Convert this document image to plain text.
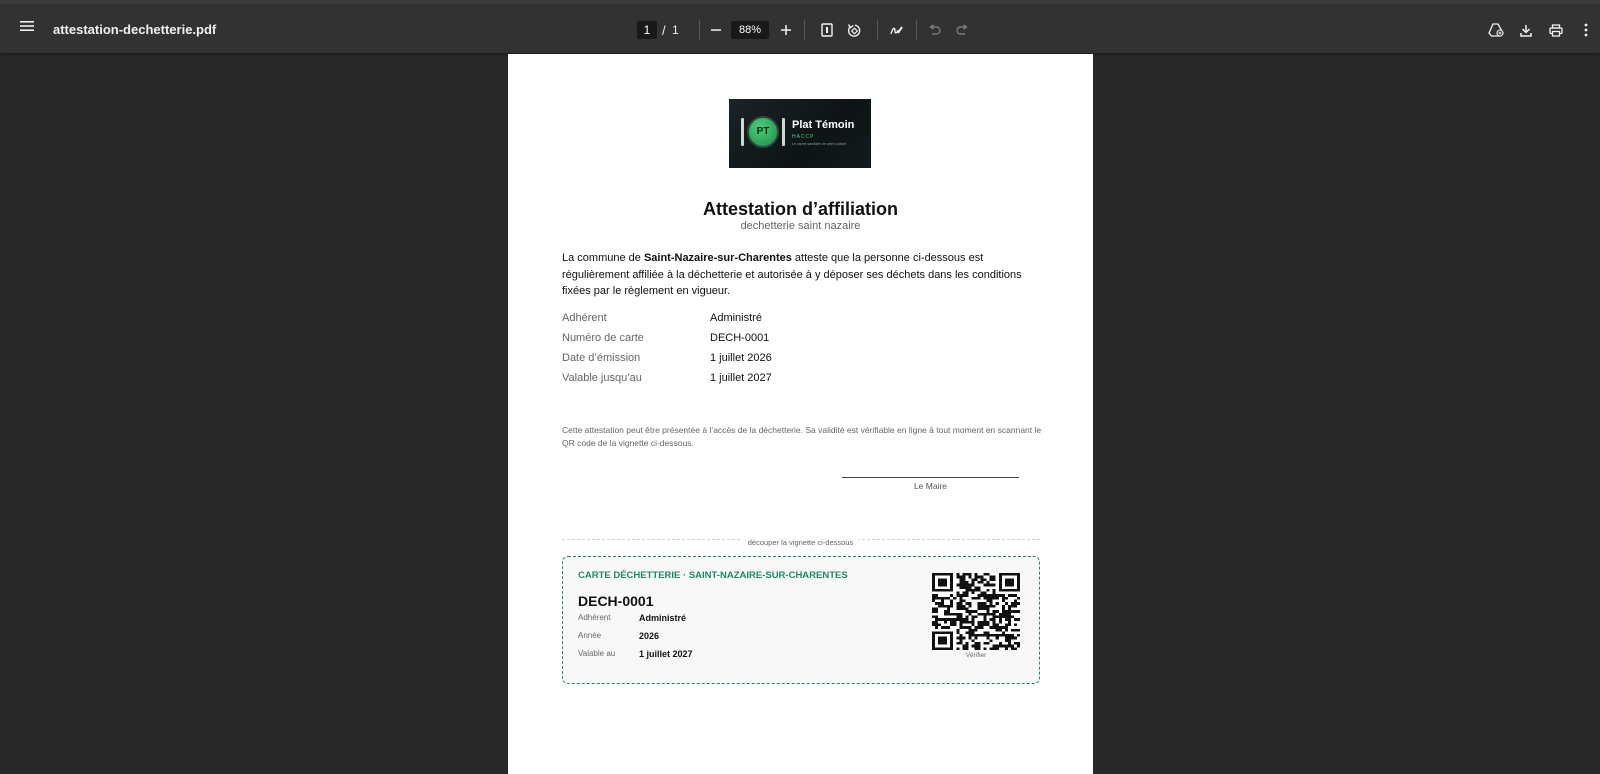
attestation-dechetterie.pdf	1 / 1	88%
PT
Plat Témoin
HACCP
Le carnet sanitaire de votre cuisine
Attestation d’affiliation
dechetterie saint nazaire
La commune de Saint-Nazaire-sur-Charentes atteste que la personne ci-dessous est régulièrement affiliée à la déchetterie et autorisée à y déposer ses déchets dans les conditions fixées par le règlement en vigueur.
Adhérent	Administré
Numéro de carte	DECH-0001
Date d’émission	1 juillet 2026
Valable jusqu’au	1 juillet 2027
Cette attestation peut être présentée à l’accès de la déchetterie. Sa validité est vérifiable en ligne à tout moment en scannant le QR code de la vignette ci-dessous.
Le Maire
découper la vignette ci-dessous
CARTE DÉCHETTERIE · SAINT-NAZAIRE-SUR-CHARENTES
DECH-0001
Adhérent	Administré
Année	2026
Valable au	1 juillet 2027	Vérifier
